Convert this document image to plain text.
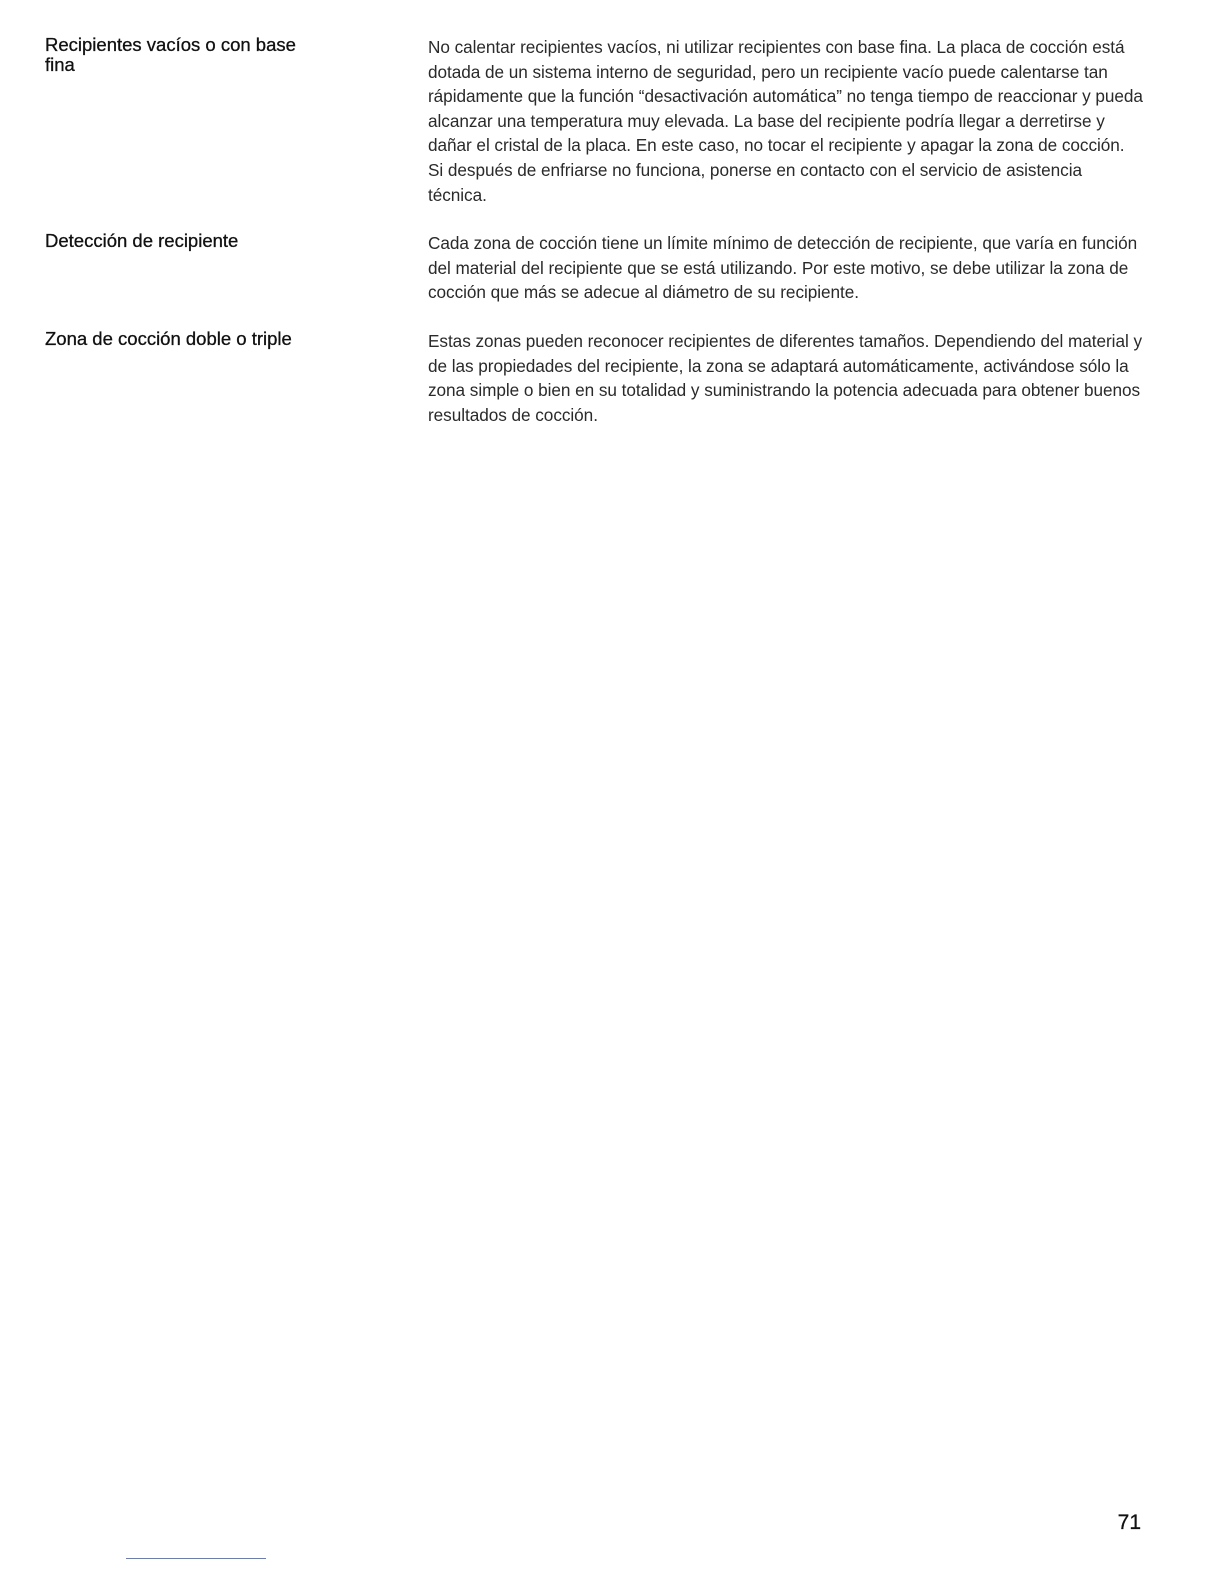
Recipientes vacíos o con base fina

No calentar recipientes vacíos, ni utilizar recipientes con base fina. La placa de cocción está dotada de un sistema interno de seguridad, pero un recipiente vacío puede calentarse tan rápidamente que la función “desactivación automática” no tenga tiempo de reaccionar y pueda alcanzar una temperatura muy elevada. La base del recipiente podría llegar a derretirse y dañar el cristal de la placa. En este caso, no tocar el recipiente y apagar la zona de cocción. Si después de enfriarse no funciona, ponerse en contacto con el servicio de asistencia técnica.

Detección de recipiente	Cada zona de cocción tiene un límite mínimo de detección de recipiente, que varía en función del material del recipiente que se está utilizando. Por este motivo, se debe utilizar la zona de cocción que más se adecue al diámetro de su recipiente.

Zona de cocción doble o triple	Estas zonas pueden reconocer recipientes de diferentes tamaños. Dependiendo del material y de las propiedades del recipiente, la zona se adaptará automáticamente, activándose sólo la zona simple o bien en su totalidad y suministrando la potencia adecuada para obtener buenos resultados de cocción.

71
